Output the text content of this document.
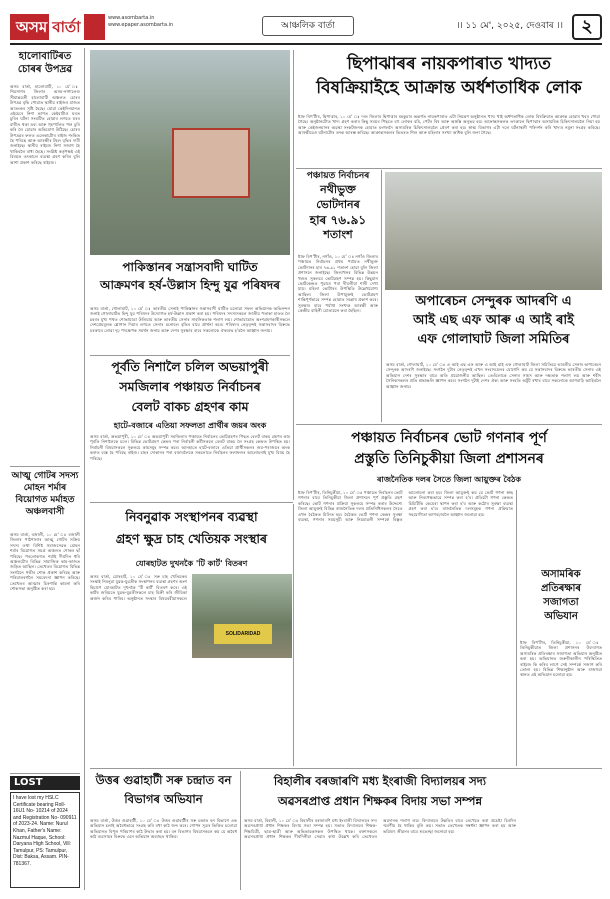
অসম বার্তা	www.asombarta.in
www.epaper.asombarta.in	আঞ্চলিক বাৰ্তা	।। ১১ মে', ২০২৫, দেওবাৰ ।।	২
হালোবাটিৰত চোৰৰ উপদ্ৰৱ
অসম বাৰ্তা, হালোবাটি, ১০ মে' ঃ শিৱসাগৰ জিলাৰ অসম-নাগালেণ্ড সীমান্তৱৰ্তী হালোবাটি অঞ্চলত চোৰৰ উপদ্ৰৱ বৃদ্ধি পোৱাত স্থানীয় ৰাইজৰ মাজত আতংকৰ সৃষ্টি হৈছে। যোৱা কেইদিনমানত এইচেৰে নিশা ভাগত কেইবাটাও ঘৰত চুৰিৰ ঘটনা সংঘটিত হোৱাৰ লগতে ঘৰৰ বাৰীত থকা দ্ৰব্য আৰু গৃহপালিত পশু চুৰি কৰি লৈ যোৱাৰ অভিযোগ উঠিছে। চোৰৰ উপদ্ৰৱৰ ফলত এলেকাটোৰ ৰাইজ শংকিত হৈ পৰিছে আৰু আৰক্ষীৰ টহল বৃদ্ধিৰ দাবী জনাইছে। স্থানীয় ৰাইজে নিশা সজাগ হৈ থাকিবলৈ বাধ্য হৈছে। সংশ্লিষ্ট কৰ্তৃপক্ষই এই বিষয়ত তৎকালে ব্যৱস্থা গ্ৰহণ কৰিব বুলি আশা প্ৰকাশ কৰিছে ৰাইজে।
আত্মু গোটৰ সদস্য মোহন শৰ্মাৰ বিয়োগত মৰ্মাহত অঞ্চলবাসী
অসম বাৰ্তা, বজালী, ১০ মে' ঃ বজালী জিলাৰ পাঠশালাৰ আত্মু গোটৰ সক্ৰিয় সদস্য তথা বিশিষ্ট সমাজসেৱক মোহন শৰ্মাৰ বিয়োগত সমগ্ৰ অঞ্চলত শোকৰ ছাঁ পৰিছে। পৰলোকগত শৰ্মাই দীৰ্ঘদিন ধৰি অঞ্চলটোৰ বিভিন্ন সামাজিক কাম-কাজত জড়িত আছিল। তেখেতৰ বিয়োগত বিভিন্ন সংগঠনে গভীৰ শোক প্ৰকাশ কৰিছে আৰু পৰিয়ালবৰ্গলৈ সমবেদনা জ্ঞাপন কৰিছে। তেখেতৰ আত্মাৰ চিৰশান্তি কামনা কৰি শোকসভা অনুষ্ঠিত কৰা হয়।
LOST
I have lost my HSLC Certificate bearing Roll-16U1 No- 10214 of 2024 and Registration No- 090911 of 2023-24. Name: Nurul Khan, Father's Name: Nazmul Haque, School: Daryana High School, Vill: Tamulpur, PS: Tamulpur, Dist: Baksa, Assam. PIN- 781367.
ছিপাঝাৰৰ নায়কপাৰাত খাদ্যত
বিষক্ৰিয়াইহে আক্ৰান্ত অৰ্ধশতাধিক লোক
ষ্টাফ ৰিপ'ৰ্টাৰ, ছিপাঝাৰ, ১০ মে' ঃ দৰং জিলাৰ ছিপাঝাৰ মহকুমাৰ অন্তৰ্গত নায়কপাৰাত এটা নিমন্ত্ৰণ অনুষ্ঠানত খাদ্য খাই অৰ্ধশতাধিক লোক বিষক্ৰিয়াত আক্ৰান্ত হোৱাৰ খবৰ পোৱা গৈছে। অনুষ্ঠানটোত খাদ্য গ্ৰহণ কৰাৰ কিছু সময়ৰ পিছতে বহু লোকৰ বমি, পেটৰ বিষ আৰু অস্বস্তি অনুভৱ হয়। আক্ৰান্তসকলক তৎকালে ছিপাঝাৰ অসামৰিক চিকিৎসালয়লৈ নিয়া হয় আৰু কেইজনমানৰ অৱস্থা সংকটজনক হোৱাত মংগলদৈ অসামৰিক চিকিৎসালয়লৈ প্ৰেৰণ কৰা হয়। স্বাস্থ্য বিভাগৰ এটা দলে ঘটনাস্থলী পৰিদৰ্শন কৰি খাদ্যৰ নমুনা সংগ্ৰহ কৰিছে। আৰক্ষীয়েও ঘটনাটোৰ তদন্ত আৰম্ভ কৰিছে। আক্ৰান্তসকলৰ ভিতৰত শিশু আৰু মহিলাৰ সংখ্যা অধিক বুলি জনা গৈছে।
পঞ্চায়ত নিৰ্বাচনৰ
নথীভুক্ত
ভোটদানৰ
হাৰ ৭৬.৯১
শতাংশ
ষ্টাফ ৰিপ'ৰ্টাৰ, নগাঁও, ১০ মে' ঃ নগাঁও জিলাৰ পঞ্চায়ত নিৰ্বাচনৰ প্ৰথম পৰ্যায়ত নথীভুক্ত ভোটদানৰ হাৰ ৭৬.৯১ শতাংশ হোৱা বুলি জিলা প্ৰশাসনে জনাইছে। জিলাখনৰ বিভিন্ন উন্নয়ন খণ্ডত সুকলমে ভোটগ্ৰহণ সম্পন্ন হয়। কিছুমান ভোটকেন্দ্ৰত পুৱাৰে পৰা দীঘলীয়া শাৰী দেখা যায়। মহিলা ভোটাৰৰ উপস্থিতি উল্লেখযোগ্য আছিল। জিলা উপায়ুক্তই ভোটগ্ৰহণ শান্তিপূৰ্ণভাৱে সম্পন্ন হোৱাত সন্তোষ প্ৰকাশ কৰে। সুৰক্ষাৰ বাবে পৰ্যাপ্ত সংখ্যক আৰক্ষী আৰু কেন্দ্ৰীয় বাহিনী মোতায়েন কৰা হৈছিল।
অপাৰেচন সেন্দুৰক আদৰণি এ
আই এছ এফ আৰু এ আই ৰাই
এফ গোলাঘাট জিলা সমিতিৰ
অসম বাৰ্তা, গোলাঘাট, ১০ মে' ঃ এ আই এছ এফ আৰু এ আই ৱাই এফ গোলাঘাট জিলা সমিতিয়ে ভাৰতীয় সেনাৰ অপাৰেচন সেন্দুৰক আদৰণি জনাইছে। সংগঠন দুটাৰ নেতৃবৃন্দই এখন সংবাদমেলৰ যোগেদি কয় যে সন্ত্ৰাসবাদৰ বিৰুদ্ধে ভাৰতীয় সেনাৰ এই অভিযান দেশৰ সুৰক্ষাৰ বাবে অতি প্ৰয়োজনীয় আছিল। তেওঁলোকে সেনাৰ সাহস আৰু দক্ষতাক শলাগ লয় আৰু শহীদ সৈনিকসকলৰ প্ৰতি শ্ৰদ্ধাঞ্জলি জ্ঞাপন কৰে। সংগঠন দুটাই দেশৰ ঐক্য আৰু সংহতি অটুট ৰখাৰ বাবে সকলোকে আগবাঢ়ি আহিবলৈ আহ্বান জনায়।
পাকিস্তানৰ সন্ত্ৰাসবাদী ঘাটিত
আক্ৰমণৰ হৰ্ষ-উল্লাস হিন্দু যুৱ পৰিষদৰ
অসম বাৰ্তা, গোলাঘাট, ১০ মে' ঃ ভাৰতীয় সেনাই পাকিস্তানৰ সন্ত্ৰাসবাদী ঘাটিত চলোৱা সফল অভিযানক অভিনন্দন জনাই গোলাঘাটত হিন্দু যুৱ পৰিষদৰ উদ্যোগত হৰ্ষ-উল্লাস প্ৰকাশ কৰা হয়। পৰিষদৰ সদস্যসকলে জাতীয় পতাকা হাতত লৈ চহৰৰ মুখ্য পথত শোভাযাত্ৰা উলিয়ায় আৰু ভাৰতীয় সেনাৰ সাহসিকতাক শলাগ লয়। শোভাযাত্ৰাত অংশগ্ৰহণকাৰীসকলে দেশপ্ৰেমমূলক শ্লোগান দিয়াৰ লগতে সেনাৰ মনোবল বৃদ্ধিৰ বাবে প্ৰাৰ্থনা কৰে। পৰিষদৰ নেতৃবৃন্দই সন্ত্ৰাসবাদৰ বিৰুদ্ধে চৰকাৰে লোৱা দৃঢ় পদক্ষেপক সমৰ্থন জনায় আৰু দেশৰ সুৰক্ষাৰ বাবে সকলোকে ঐক্যবদ্ধ হ'বলৈ আহ্বান জনায়।
পূৰ্বতি নিশালৈ চলিল অভয়াপুৰী
সমজিলাৰ পঞ্চায়ত নিৰ্বাচনৰ
বেলট বাকচ গ্ৰহণৰ কাম
হাটে-বজাৰে এতিয়া সফলতা প্ৰাৰ্থীৰ জয়ৰ অংক
অসম বাৰ্তা, অভয়াপুৰী, ১০ মে' ঃ অভয়াপুৰী সমজিলাৰ পঞ্চায়ত নিৰ্বাচনৰ ভোটগ্ৰহণৰ পিছত বেলট বাকচ গ্ৰহণৰ কাম পূৰ্বতি নিশালৈকে চলে। বিভিন্ন ভোটগ্ৰহণ কেন্দ্ৰৰ পৰা নিৰ্বাচনী কৰ্মীসকলে বেলট বাকচ লৈ সংগ্ৰহ কেন্দ্ৰত উপস্থিত হয়। নিৰ্বাচনী বিষয়াসকলে সুকলমে কামসমূহ সম্পন্ন কৰে। আনহাতে হাটে-বজাৰে এতিয়া প্ৰাৰ্থীসকলৰ জয়-পৰাজয়ৰ অংক কৰাত ব্যস্ত হৈ পৰিছে ৰাইজ। চাহৰ দোকানৰ পৰা বজাৰলৈকে সকলোতে নিৰ্বাচনৰ ফলাফলৰ আলোচনাই মুখ্য বিষয় হৈ পৰিছে।
পঞ্চায়ত নিৰ্বাচনৰ ভোট গণনাৰ পূৰ্ণ
প্ৰস্তুতি তিনিচুকীয়া জিলা প্ৰশাসনৰ
ৰাজনৈতিক দলৰ সৈতে জিলা আয়ুক্তৰ বৈঠক
ষ্টাফ ৰিপ'ৰ্টাৰ, তিনিচুকীয়া, ১০ মে' ঃ পঞ্চায়ত নিৰ্বাচনৰ ভোট গণনাৰ বাবে তিনিচুকীয়া জিলা প্ৰশাসনে পূৰ্ণ প্ৰস্তুতি গ্ৰহণ কৰিছে। ভোট গণনাৰ প্ৰক্ৰিয়া সুকলমে সম্পন্ন কৰাৰ উদ্দেশ্যে জিলা আয়ুক্তই বিভিন্ন ৰাজনৈতিক দলৰ প্ৰতিনিধিসকলৰ সৈতে এখন বৈঠকত মিলিত হয়। বৈঠকত ভোট গণনা কেন্দ্ৰৰ সুৰক্ষা ব্যৱস্থা, গণনাৰ সময়সূচী আৰু নিয়মাৱলী সম্পৰ্কে বিস্তৃত আলোচনা কৰা হয়। জিলা আয়ুক্তই কয় যে ভোট গণনা স্বচ্ছ আৰু নিৰপেক্ষভাৱে সম্পন্ন কৰা হ'ব। প্ৰতিটো গণনা কেন্দ্ৰত চিচিটিভি কেমেৰা স্থাপন কৰা হ'ব আৰু কঠোৰ সুৰক্ষা ব্যৱস্থা গ্ৰহণ কৰা হ'ব। ৰাজনৈতিক দলসমূহক গণনা প্ৰক্ৰিয়াত সহযোগিতা আগবঢ়াবলৈ আহ্বান জনোৱা হয়।
অসামৰিক
প্ৰতিৰক্ষাৰ
সজাগতা
অভিযান
ষ্টাফ ৰিপ'ৰ্টাৰ, তিনিচুকীয়া, ১০ মে' ঃ তিনিচুকীয়াত জিলা প্ৰশাসনৰ উদ্যোগত অসামৰিক প্ৰতিৰক্ষাৰ সজাগতা অভিযান অনুষ্ঠিত কৰা হয়। অভিযানত জৰুৰীকালীন পৰিস্থিতিত ৰাইজে কি কৰিব লাগে সেই সম্পৰ্কে সজাগ কৰি তোলা হয়। বিভিন্ন শিক্ষানুষ্ঠান আৰু ৰাজহুৱা স্থানত এই অভিযান চলোৱা হয়।
নিবনুৱাক সংস্থাপনৰ ব্যৱস্থা
গ্ৰহণ ক্ষুদ্ৰ চাহ খেতিয়ক সংস্থাৰ
যোৰহাটত দুখনকৈ 'টি কাৰ্ট' বিতৰণ
অসম বাৰ্তা, যোৰহাট, ১০ মে' ঃ সৰু চাহ খেতিয়কৰ সংস্থাই নিবনুৱা যুৱক-যুৱতীক সংস্থাপনৰ ব্যৱস্থা গ্ৰহণৰ অংশ হিচাপে যোৰহাটত দুখনকৈ 'টি কাৰ্ট' বিতৰণ কৰে। এই কাৰ্টৰ জৰিয়তে যুৱক-যুৱতীসকলে চাহ বিক্ৰী কৰি জীৱিকা অৰ্জন কৰিব পাৰিব। অনুষ্ঠানত সংস্থাৰ বিষয়ববীয়াসকলে
SOLIDARIDAD
উত্তৰ গুৱাহাটী সৰু চন্দ্ৰাত বন বিভাগৰ অভিযান
অসম বাৰ্তা, উত্তৰ গুৱাহাটী, ১০ মে' ঃ উত্তৰ গুৱাহাটীৰ সৰু চন্দ্ৰাত বন বিভাগে এক অভিযান চলাই অবৈধভাৱে সংগ্ৰহ কৰি ৰখা কাঠ জব্দ কৰে। গোপন সূত্ৰৰ ভিত্তিত চলোৱা অভিযানত বিপুল পৰিমাণৰ কাঠ উদ্ধাৰ কৰা হয়। বন বিভাগৰ বিষয়াসকলে কয় যে অবৈধ কাঠ ব্যৱসায়ৰ বিৰুদ্ধে এনে অভিযান অব্যাহত থাকিব।
বিহালীৰ বৰজাৰণি মধ্য ইংৰাজী বিদ্যালয়ৰ সদ্য
অৱসৰপ্ৰাপ্ত প্ৰধান শিক্ষকৰ বিদায় সভা সম্পন্ন
অসম বাৰ্তা, বিহালী, ১০ মে' ঃ বিহালীৰ বৰজাৰণি মধ্য ইংৰাজী বিদ্যালয়ৰ সদ্য অৱসৰপ্ৰাপ্ত প্ৰধান শিক্ষকৰ বিদায় সভা সম্পন্ন হয়। সভাত বিদ্যালয়ৰ শিক্ষক-শিক্ষয়িত্ৰী, ছাত্ৰ-ছাত্ৰী আৰু অভিভাৱকসকল উপস্থিত থাকে। বক্তাসকলে অৱসৰপ্ৰাপ্ত প্ৰধান শিক্ষকৰ দীৰ্ঘদিনীয়া সেৱাৰ কথা উল্লেখ কৰি তেখেতৰ অৱদানক শলাগ লয়। বিদ্যালয়ৰ উন্নতিৰ বাবে তেখেতে কৰা প্ৰচেষ্টা চিৰদিন স্মৰণীয় হৈ থাকিব বুলি কয়। সভাত তেখেতক সম্বৰ্ধনা জ্ঞাপন কৰা হয় আৰু ভৱিষ্যৎ জীৱনৰ বাবে শুভেচ্ছা জনোৱা হয়।
